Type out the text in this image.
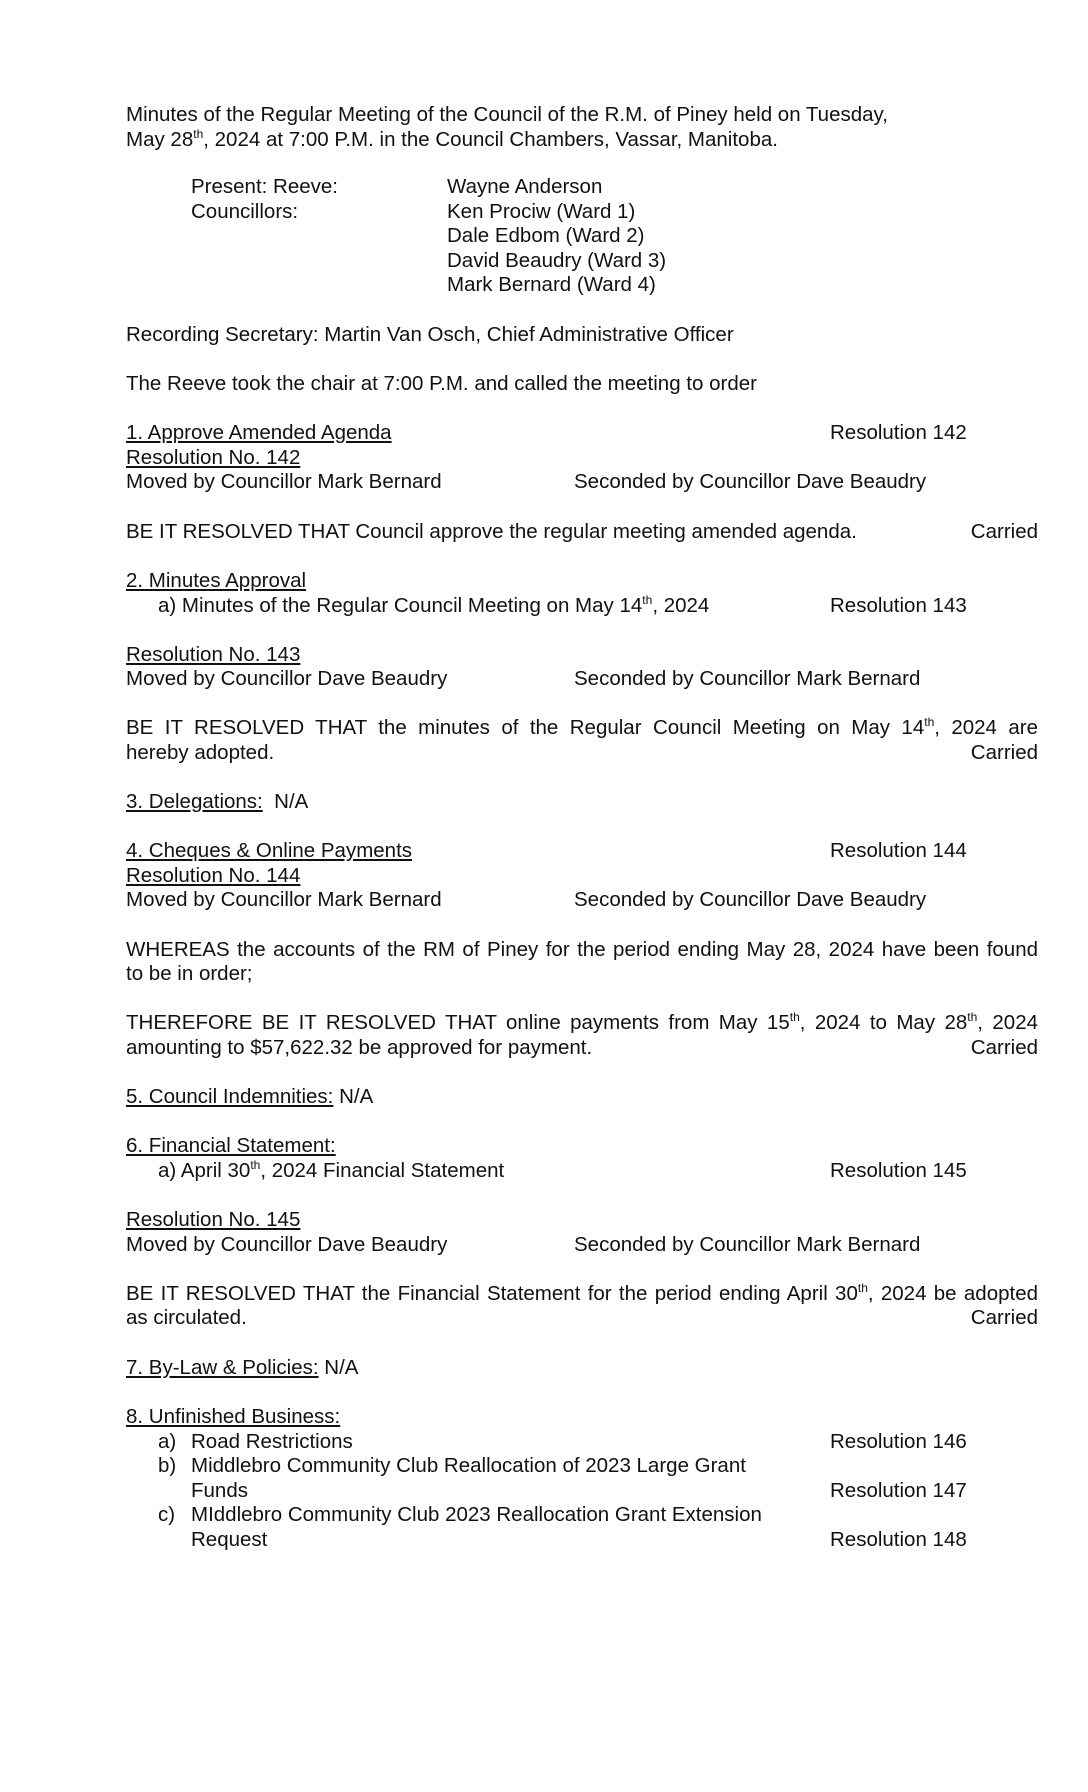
Minutes of the Regular Meeting of the Council of the R.M. of Piney held on Tuesday,
May 28th, 2024 at 7:00 P.M. in the Council Chambers, Vassar, Manitoba.
Present: Reeve:	Wayne Anderson
Councillors:	Ken Prociw (Ward 1)
Dale Edbom (Ward 2)
David Beaudry (Ward 3)
Mark Bernard (Ward 4)
Recording Secretary: Martin Van Osch, Chief Administrative Officer
The Reeve took the chair at 7:00 P.M. and called the meeting to order
1. Approve Amended Agenda	Resolution 142
Resolution No. 142
Moved by Councillor Mark Bernard	Seconded by Councillor Dave Beaudry
BE IT RESOLVED THAT Council approve the regular meeting amended agenda.	Carried
2. Minutes Approval
a) Minutes of the Regular Council Meeting on May 14th, 2024	Resolution 143
Resolution No. 143
Moved by Councillor Dave Beaudry	Seconded by Councillor Mark Bernard
BE IT RESOLVED THAT the minutes of the Regular Council Meeting on May 14th, 2024 are
hereby adopted.	Carried
3. Delegations: N/A
4. Cheques & Online Payments	Resolution 144
Resolution No. 144
Moved by Councillor Mark Bernard	Seconded by Councillor Dave Beaudry
WHEREAS the accounts of the RM of Piney for the period ending May 28, 2024 have been found
to be in order;
THEREFORE BE IT RESOLVED THAT online payments from May 15th, 2024 to May 28th, 2024
amounting to $57,622.32 be approved for payment.	Carried
5. Council Indemnities: N/A
6. Financial Statement:
a) April 30th, 2024 Financial Statement	Resolution 145
Resolution No. 145
Moved by Councillor Dave Beaudry	Seconded by Councillor Mark Bernard
BE IT RESOLVED THAT the Financial Statement for the period ending April 30th, 2024 be adopted
as circulated.	Carried
7. By-Law & Policies: N/A
8. Unfinished Business:
a) Road Restrictions	Resolution 146
b) Middlebro Community Club Reallocation of 2023 Large Grant
Funds	Resolution 147
c) MIddlebro Community Club 2023 Reallocation Grant Extension
Request	Resolution 148
